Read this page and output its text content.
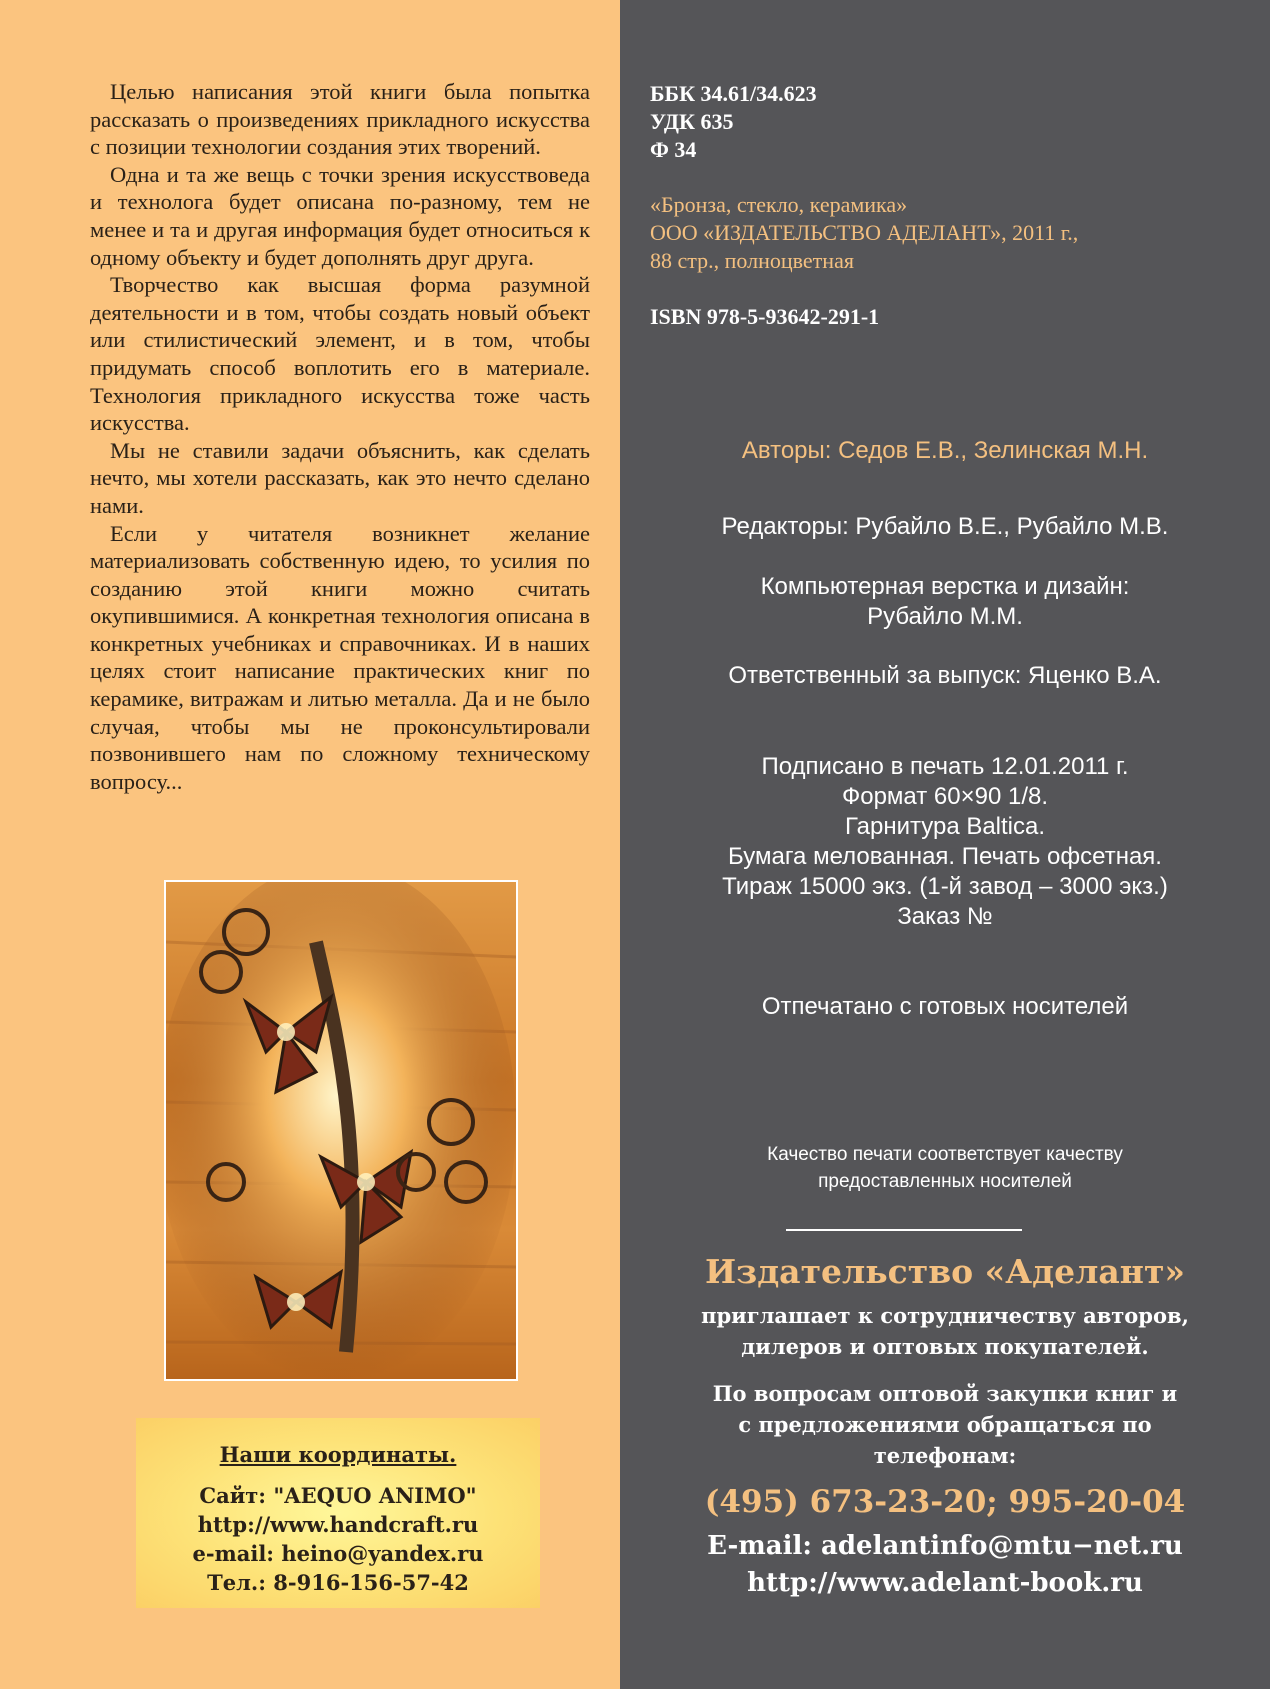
Целью написания этой книги была попытка рассказать о произведениях прикладного искусства с позиции технологии создания этих творений.

Одна и та же вещь с точки зрения искусствоведа и технолога будет описана по-разному, тем не менее и та и другая информация будет относиться к одному объекту и будет дополнять друг друга.

Творчество как высшая форма разумной деятельности и в том, чтобы создать новый объект или стилистический элемент, и в том, чтобы придумать способ воплотить его в материале. Технология прикладного искусства тоже часть искусства.

Мы не ставили задачи объяснить, как сделать нечто, мы хотели рассказать, как это нечто сделано нами.

Если у читателя возникнет желание материализовать собственную идею, то усилия по созданию этой книги можно считать окупившимися. А конкретная технология описана в конкретных учебниках и справочниках. И в наших целях стоит написание практических книг по керамике, витражам и литью металла. Да и не было случая, чтобы мы не проконсультировали позвонившего нам по сложному техническому вопросу...

Наши координаты.
Сайт: "AEQUO ANIMO"
http://www.handcraft.ru
e-mail: heino@yandex.ru
Тел.: 8-916-156-57-42
ББК 34.61/34.623
УДК 635
Ф 34
«Бронза, стекло, керамика»
ООО «ИЗДАТЕЛЬСТВО АДЕЛАНТ», 2011 г.,
88 стр., полноцветная
ISBN 978-5-93642-291-1
Авторы: Седов Е.В., Зелинская М.Н.
Редакторы: Рубайло В.Е., Рубайло М.В.
Компьютерная верстка и дизайн:
Рубайло М.М.
Ответственный за выпуск: Яценко В.А.
Подписано в печать 12.01.2011 г.
Формат 60×90 1/8.
Гарнитура Baltica.
Бумага мелованная. Печать офсетная.
Тираж 15000 экз. (1-й завод – 3000 экз.)
Заказ №
Отпечатано с готовых носителей
Качество печати соответствует качеству
предоставленных носителей
Издательство «Аделант»
приглашает к сотрудничеству авторов,
дилеров и оптовых покупателей.
По вопросам оптовой закупки книг и
с предложениями обращаться по
телефонам:
(495) 673-23-20; 995-20-04
E-mail: adelantinfo@mtu−net.ru
http://www.adelant-book.ru
